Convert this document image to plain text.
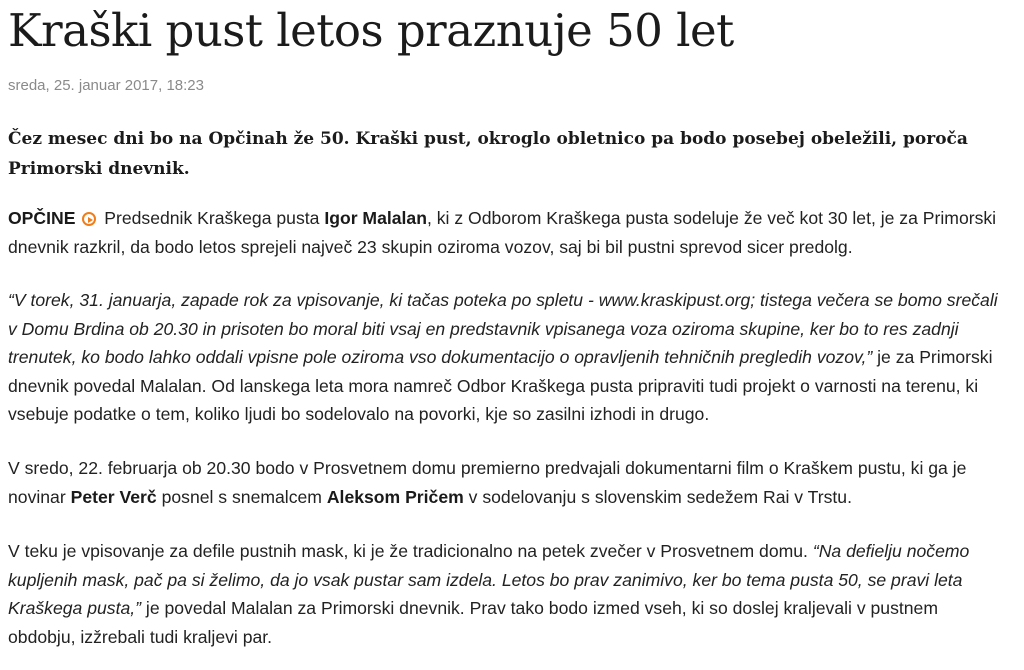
Kraški pust letos praznuje 50 let
sreda, 25. januar 2017, 18:23

Čez mesec dni bo na Opčinah že 50. Kraški pust, okroglo obletnico pa bodo posebej obeležili, poroča Primorski dnevnik.

OPČINE  Predsednik Kraškega pusta Igor Malalan, ki z Odborom Kraškega pusta sodeluje že več kot 30 let, je za Primorski dnevnik razkril, da bodo letos sprejeli največ 23 skupin oziroma vozov, saj bi bil pustni sprevod sicer predolg.

“V torek, 31. januarja, zapade rok za vpisovanje, ki tačas poteka po spletu - www.kraskipust.org; tistega večera se bomo srečali v Domu Brdina ob 20.30 in prisoten bo moral biti vsaj en predstavnik vpisanega voza oziroma skupine, ker bo to res zadnji trenutek, ko bodo lahko oddali vpisne pole oziroma vso dokumentacijo o opravljenih tehničnih pregledih vozov,” je za Primorski dnevnik povedal Malalan. Od lanskega leta mora namreč Odbor Kraškega pusta pripraviti tudi projekt o varnosti na terenu, ki vsebuje podatke o tem, koliko ljudi bo sodelovalo na povorki, kje so zasilni izhodi in drugo.

V sredo, 22. februarja ob 20.30 bodo v Prosvetnem domu premierno predvajali dokumentarni film o Kraškem pustu, ki ga je novinar Peter Verč posnel s snemalcem Aleksom Pričem v sodelovanju s slovenskim sedežem Rai v Trstu.

V teku je vpisovanje za defile pustnih mask, ki je že tradicionalno na petek zvečer v Prosvetnem domu. “Na defielju nočemo kupljenih mask, pač pa si želimo, da jo vsak pustar sam izdela. Letos bo prav zanimivo, ker bo tema pusta 50, se pravi leta Kraškega pusta,” je povedal Malalan za Primorski dnevnik. Prav tako bodo izmed vseh, ki so doslej kraljevali v pustnem obdobju, izžrebali tudi kraljevi par.
